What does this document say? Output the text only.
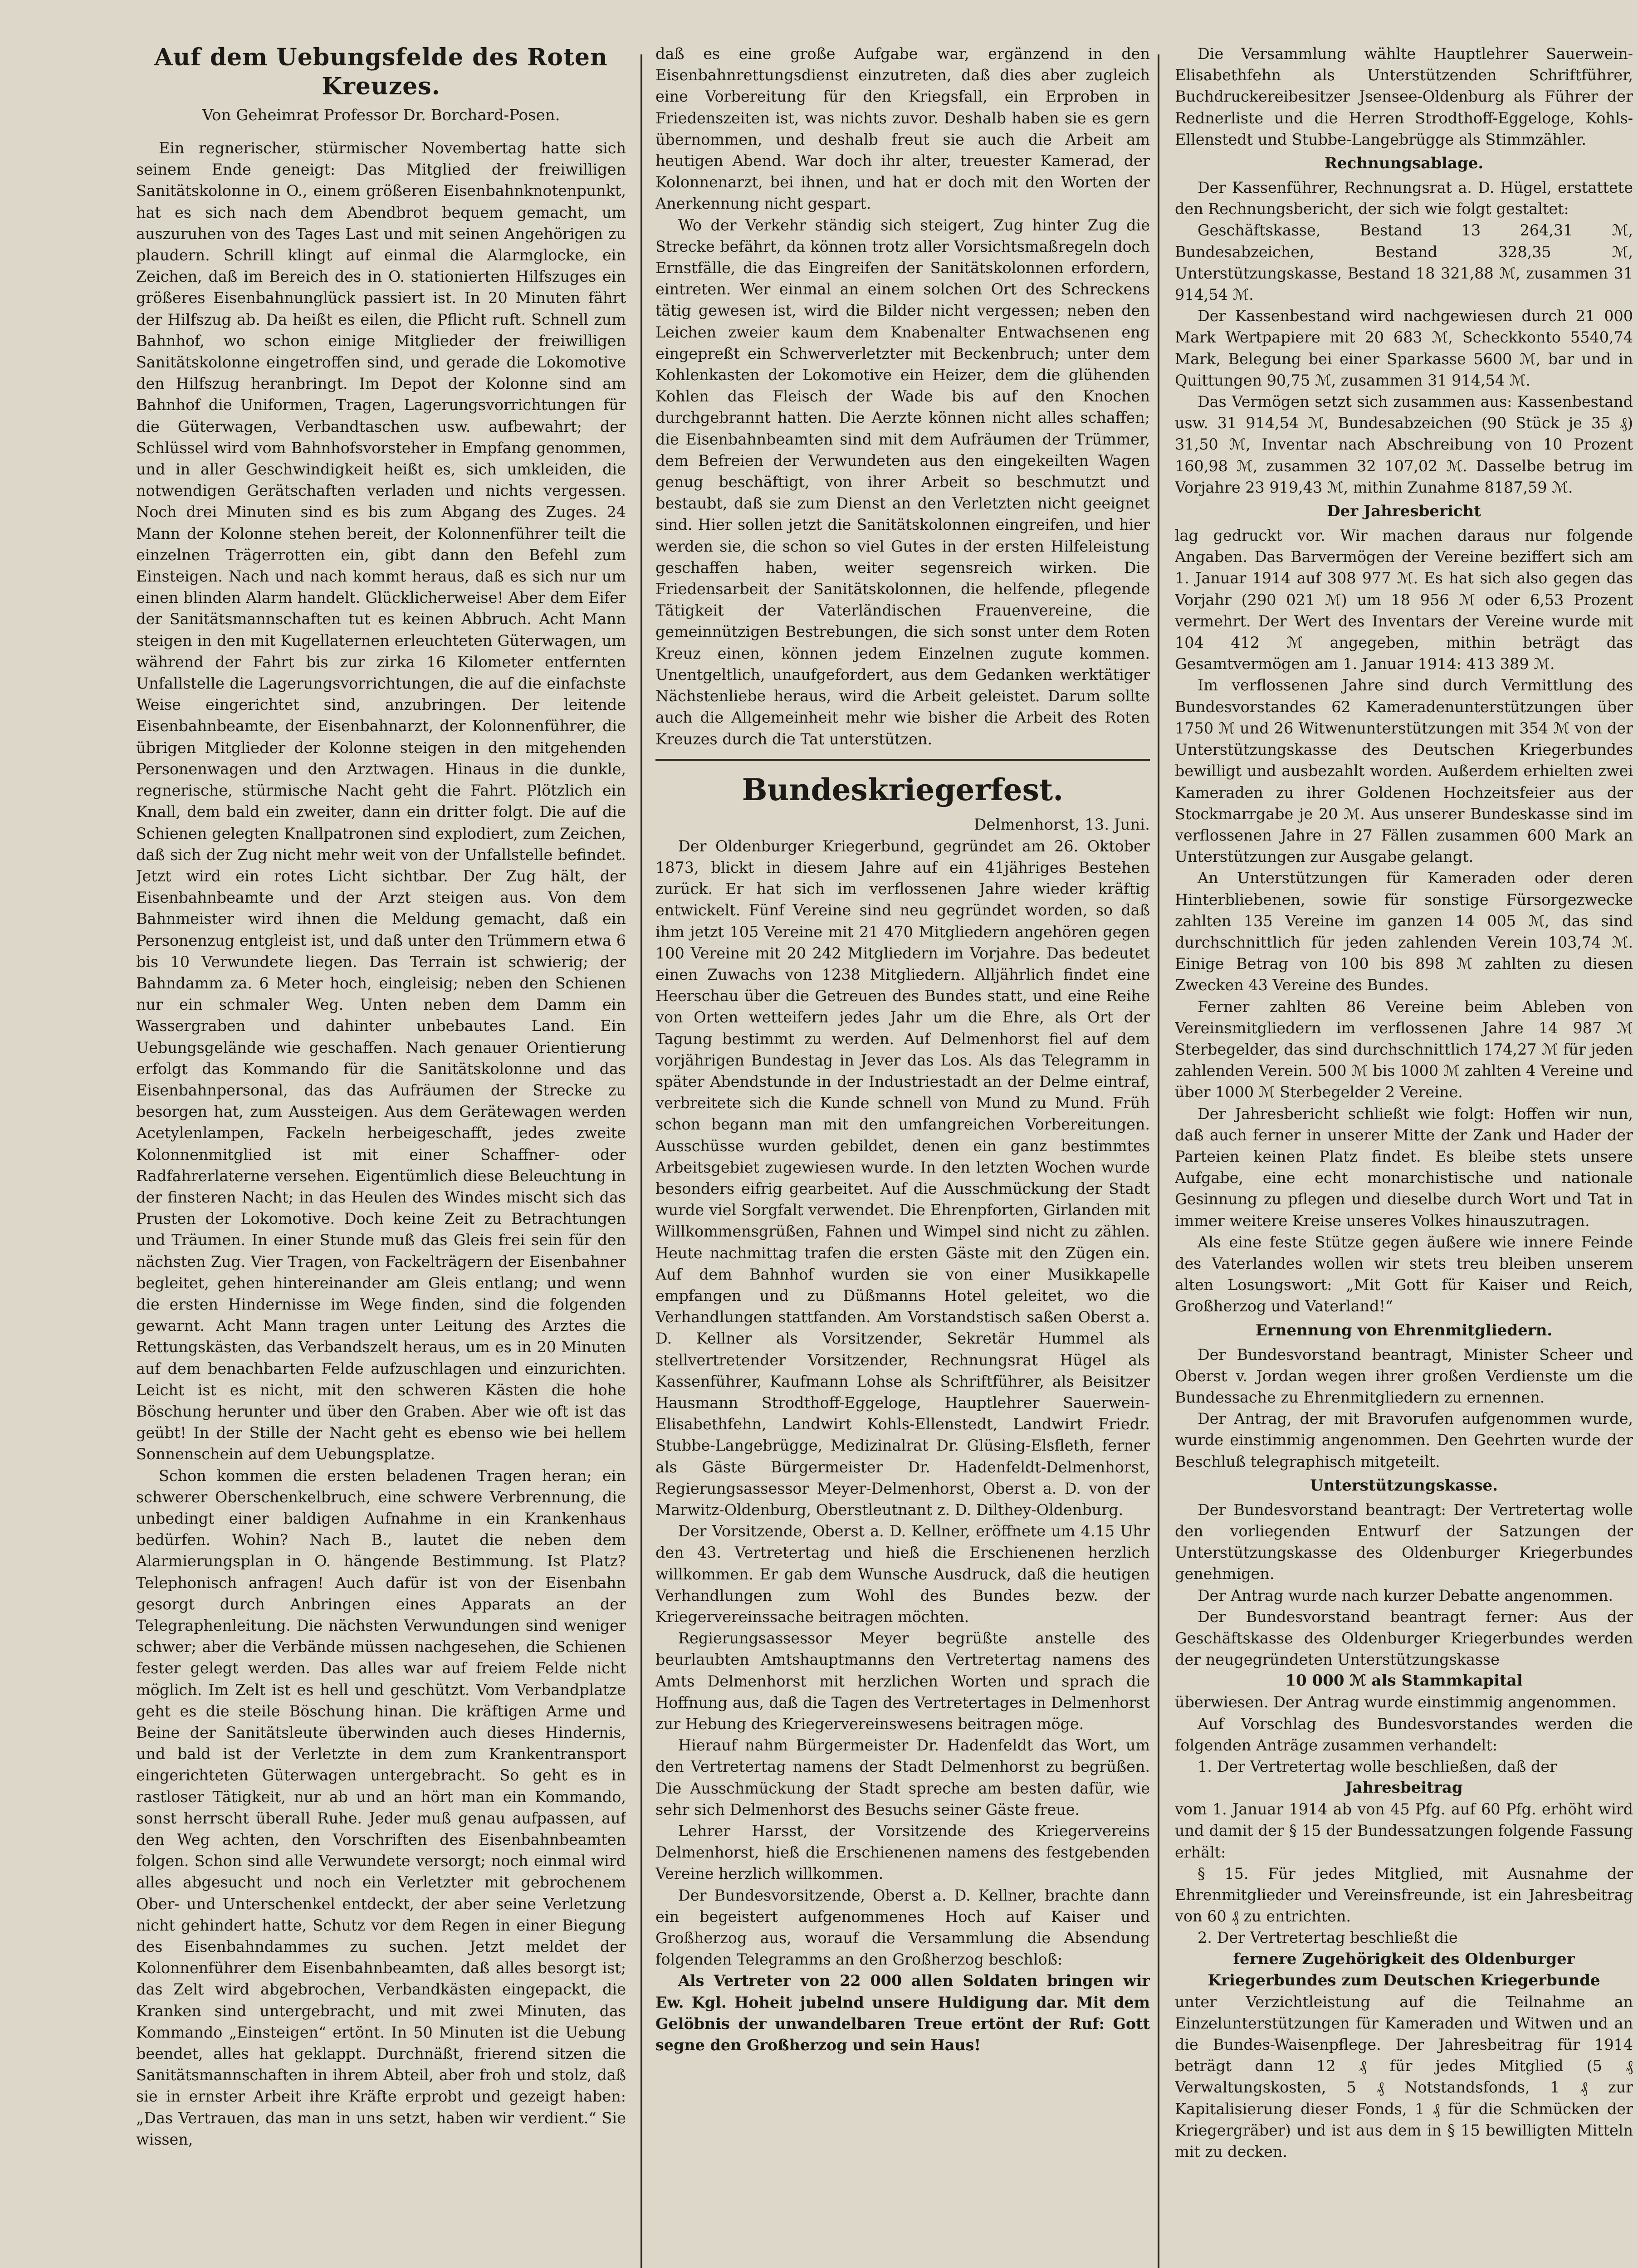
Auf dem Uebungsfelde des Roten Kreuzes.
Von Geheimrat Professor Dr. Borchard-Posen.

Ein regnerischer, stürmischer Novembertag hatte sich seinem Ende geneigt: Das Mitglied der freiwilligen Sanitätskolonne in O., einem größeren Eisenbahnknotenpunkt, hat es sich nach dem Abendbrot bequem gemacht, um auszuruhen von des Tages Last und mit seinen Angehörigen zu plaudern. Schrill klingt auf einmal die Alarmglocke, ein Zeichen, daß im Bereich des in O. stationierten Hilfszuges ein größeres Eisenbahnunglück passiert ist. In 20 Minuten fährt der Hilfszug ab. Da heißt es eilen, die Pflicht ruft. Schnell zum Bahnhof, wo schon einige Mitglieder der freiwilligen Sanitätskolonne eingetroffen sind, und gerade die Lokomotive den Hilfszug heranbringt. Im Depot der Kolonne sind am Bahnhof die Uniformen, Tragen, Lagerungsvorrichtungen für die Güterwagen, Verbandtaschen usw. aufbewahrt; der Schlüssel wird vom Bahnhofsvorsteher in Empfang genommen, und in aller Geschwindigkeit heißt es, sich umkleiden, die notwendigen Gerätschaften verladen und nichts vergessen. Noch drei Minuten sind es bis zum Abgang des Zuges. 24 Mann der Kolonne stehen bereit, der Kolonnenführer teilt die einzelnen Trägerrotten ein, gibt dann den Befehl zum Einsteigen. Nach und nach kommt heraus, daß es sich nur um einen blinden Alarm handelt. Glücklicherweise! Aber dem Eifer der Sanitätsmannschaften tut es keinen Abbruch. Acht Mann steigen in den mit Kugellaternen erleuchteten Güterwagen, um während der Fahrt bis zur zirka 16 Kilometer entfernten Unfallstelle die Lagerungsvorrichtungen, die auf die einfachste Weise eingerichtet sind, anzubringen. Der leitende Eisenbahnbeamte, der Eisenbahnarzt, der Kolonnenführer, die übrigen Mitglieder der Kolonne steigen in den mitgehenden Personenwagen und den Arztwagen. Hinaus in die dunkle, regnerische, stürmische Nacht geht die Fahrt. Plötzlich ein Knall, dem bald ein zweiter, dann ein dritter folgt. Die auf die Schienen gelegten Knallpatronen sind explodiert, zum Zeichen, daß sich der Zug nicht mehr weit von der Unfallstelle befindet. Jetzt wird ein rotes Licht sichtbar. Der Zug hält, der Eisenbahnbeamte und der Arzt steigen aus. Von dem Bahnmeister wird ihnen die Meldung gemacht, daß ein Personenzug entgleist ist, und daß unter den Trümmern etwa 6 bis 10 Verwundete liegen. Das Terrain ist schwierig; der Bahndamm za. 6 Meter hoch, eingleisig; neben den Schienen nur ein schmaler Weg. Unten neben dem Damm ein Wassergraben und dahinter unbebautes Land. Ein Uebungsgelände wie geschaffen. Nach genauer Orientierung erfolgt das Kommando für die Sanitätskolonne und das Eisenbahnpersonal, das das Aufräumen der Strecke zu besorgen hat, zum Aussteigen. Aus dem Gerätewagen werden Acetylenlampen, Fackeln herbeigeschafft, jedes zweite Kolonnenmitglied ist mit einer Schaffner- oder Radfahrerlaterne versehen. Eigentümlich diese Beleuchtung in der finsteren Nacht; in das Heulen des Windes mischt sich das Prusten der Lokomotive. Doch keine Zeit zu Betrachtungen und Träumen. In einer Stunde muß das Gleis frei sein für den nächsten Zug. Vier Tragen, von Fackelträgern der Eisenbahner begleitet, gehen hintereinander am Gleis entlang; und wenn die ersten Hindernisse im Wege finden, sind die folgenden gewarnt. Acht Mann tragen unter Leitung des Arztes die Rettungskästen, das Verbandszelt heraus, um es in 20 Minuten auf dem benachbarten Felde aufzuschlagen und einzurichten. Leicht ist es nicht, mit den schweren Kästen die hohe Böschung herunter und über den Graben. Aber wie oft ist das geübt! In der Stille der Nacht geht es ebenso wie bei hellem Sonnenschein auf dem Uebungsplatze.

Schon kommen die ersten beladenen Tragen heran; ein schwerer Oberschenkelbruch, eine schwere Verbrennung, die unbedingt einer baldigen Aufnahme in ein Krankenhaus bedürfen. Wohin? Nach B., lautet die neben dem Alarmierungsplan in O. hängende Bestimmung. Ist Platz? Telephonisch anfragen! Auch dafür ist von der Eisenbahn gesorgt durch Anbringen eines Apparats an der Telegraphenleitung. Die nächsten Verwundungen sind weniger schwer; aber die Verbände müssen nachgesehen, die Schienen fester gelegt werden. Das alles war auf freiem Felde nicht möglich. Im Zelt ist es hell und geschützt. Vom Verbandplatze geht es die steile Böschung hinan. Die kräftigen Arme und Beine der Sanitätsleute überwinden auch dieses Hindernis, und bald ist der Verletzte in dem zum Krankentransport eingerichteten Güterwagen untergebracht. So geht es in rastloser Tätigkeit, nur ab und an hört man ein Kommando, sonst herrscht überall Ruhe. Jeder muß genau aufpassen, auf den Weg achten, den Vorschriften des Eisenbahnbeamten folgen. Schon sind alle Verwundete versorgt; noch einmal wird alles abgesucht und noch ein Verletzter mit gebrochenem Ober- und Unterschenkel entdeckt, der aber seine Verletzung nicht gehindert hatte, Schutz vor dem Regen in einer Biegung des Eisenbahndammes zu suchen. Jetzt meldet der Kolonnenführer dem Eisenbahnbeamten, daß alles besorgt ist; das Zelt wird abgebrochen, Verbandkästen eingepackt, die Kranken sind untergebracht, und mit zwei Minuten, das Kommando „Einsteigen“ ertönt. In 50 Minuten ist die Uebung beendet, alles hat geklappt. Durchnäßt, frierend sitzen die Sanitätsmannschaften in ihrem Abteil, aber froh und stolz, daß sie in ernster Arbeit ihre Kräfte erprobt und gezeigt haben: „Das Vertrauen, das man in uns setzt, haben wir verdient.“ Sie wissen,

daß es eine große Aufgabe war, ergänzend in den Eisenbahnrettungsdienst einzutreten, daß dies aber zugleich eine Vorbereitung für den Kriegsfall, ein Erproben in Friedenszeiten ist, was nichts zuvor. Deshalb haben sie es gern übernommen, und deshalb freut sie auch die Arbeit am heutigen Abend. War doch ihr alter, treuester Kamerad, der Kolonnenarzt, bei ihnen, und hat er doch mit den Worten der Anerkennung nicht gespart.

Wo der Verkehr ständig sich steigert, Zug hinter Zug die Strecke befährt, da können trotz aller Vorsichtsmaßregeln doch Ernstfälle, die das Eingreifen der Sanitätskolonnen erfordern, eintreten. Wer einmal an einem solchen Ort des Schreckens tätig gewesen ist, wird die Bilder nicht vergessen; neben den Leichen zweier kaum dem Knabenalter Entwachsenen eng eingepreßt ein Schwerverletzter mit Beckenbruch; unter dem Kohlenkasten der Lokomotive ein Heizer, dem die glühenden Kohlen das Fleisch der Wade bis auf den Knochen durchgebrannt hatten. Die Aerzte können nicht alles schaffen; die Eisenbahnbeamten sind mit dem Aufräumen der Trümmer, dem Befreien der Verwundeten aus den eingekeilten Wagen genug beschäftigt, von ihrer Arbeit so beschmutzt und bestaubt, daß sie zum Dienst an den Verletzten nicht geeignet sind. Hier sollen jetzt die Sanitätskolonnen eingreifen, und hier werden sie, die schon so viel Gutes in der ersten Hilfeleistung geschaffen haben, weiter segensreich wirken. Die Friedensarbeit der Sanitätskolonnen, die helfende, pflegende Tätigkeit der Vaterländischen Frauenvereine, die gemeinnützigen Bestrebungen, die sich sonst unter dem Roten Kreuz einen, können jedem Einzelnen zugute kommen. Unentgeltlich, unaufgefordert, aus dem Gedanken werktätiger Nächstenliebe heraus, wird die Arbeit geleistet. Darum sollte auch die Allgemeinheit mehr wie bisher die Arbeit des Roten Kreuzes durch die Tat unterstützen.

Bundeskriegerfest.
Delmenhorst, 13. Juni.

Der Oldenburger Kriegerbund, gegründet am 26. Oktober 1873, blickt in diesem Jahre auf ein 41jähriges Bestehen zurück. Er hat sich im verflossenen Jahre wieder kräftig entwickelt. Fünf Vereine sind neu gegründet worden, so daß ihm jetzt 105 Vereine mit 21 470 Mitgliedern angehören gegen 100 Vereine mit 20 242 Mitgliedern im Vorjahre. Das bedeutet einen Zuwachs von 1238 Mitgliedern. Alljährlich findet eine Heerschau über die Getreuen des Bundes statt, und eine Reihe von Orten wetteifern jedes Jahr um die Ehre, als Ort der Tagung bestimmt zu werden. Auf Delmenhorst fiel auf dem vorjährigen Bundestag in Jever das Los. Als das Telegramm in später Abendstunde in der Industriestadt an der Delme eintraf, verbreitete sich die Kunde schnell von Mund zu Mund. Früh schon begann man mit den umfangreichen Vorbereitungen. Ausschüsse wurden gebildet, denen ein ganz bestimmtes Arbeitsgebiet zugewiesen wurde. In den letzten Wochen wurde besonders eifrig gearbeitet. Auf die Ausschmückung der Stadt wurde viel Sorgfalt verwendet. Die Ehrenpforten, Girlanden mit Willkommensgrüßen, Fahnen und Wimpel sind nicht zu zählen. Heute nachmittag trafen die ersten Gäste mit den Zügen ein. Auf dem Bahnhof wurden sie von einer Musikkapelle empfangen und zu Düßmanns Hotel geleitet, wo die Verhandlungen stattfanden. Am Vorstandstisch saßen Oberst a. D. Kellner als Vorsitzender, Sekretär Hummel als stellvertretender Vorsitzender, Rechnungsrat Hügel als Kassenführer, Kaufmann Lohse als Schriftführer, als Beisitzer Hausmann Strodthoff-Eggeloge, Hauptlehrer Sauerwein-Elisabethfehn, Landwirt Kohls-Ellenstedt, Landwirt Friedr. Stubbe-Langebrügge, Medizinalrat Dr. Glüsing-Elsfleth, ferner als Gäste Bürgermeister Dr. Hadenfeldt-Delmenhorst, Regierungsassessor Meyer-Delmenhorst, Oberst a. D. von der Marwitz-Oldenburg, Oberstleutnant z. D. Dilthey-Oldenburg.

Der Vorsitzende, Oberst a. D. Kellner, eröffnete um 4.15 Uhr den 43. Vertretertag und hieß die Erschienenen herzlich willkommen. Er gab dem Wunsche Ausdruck, daß die heutigen Verhandlungen zum Wohl des Bundes bezw. der Kriegervereinssache beitragen möchten.

Regierungsassessor Meyer begrüßte anstelle des beurlaubten Amtshauptmanns den Vertretertag namens des Amts Delmenhorst mit herzlichen Worten und sprach die Hoffnung aus, daß die Tagen des Vertretertages in Delmenhorst zur Hebung des Kriegervereinswesens beitragen möge.

Hierauf nahm Bürgermeister Dr. Hadenfeldt das Wort, um den Vertretertag namens der Stadt Delmenhorst zu begrüßen. Die Ausschmückung der Stadt spreche am besten dafür, wie sehr sich Delmenhorst des Besuchs seiner Gäste freue.

Lehrer Harsst, der Vorsitzende des Kriegervereins Delmenhorst, hieß die Erschienenen namens des festgebenden Vereine herzlich willkommen.

Der Bundesvorsitzende, Oberst a. D. Kellner, brachte dann ein begeistert aufgenommenes Hoch auf Kaiser und Großherzog aus, worauf die Versammlung die Absendung folgenden Telegramms an den Großherzog beschloß:

Als Vertreter von 22 000 allen Soldaten bringen wir Ew. Kgl. Hoheit jubelnd unsere Huldigung dar. Mit dem Gelöbnis der unwandelbaren Treue ertönt der Ruf: Gott segne den Großherzog und sein Haus!

Die Versammlung wählte Hauptlehrer Sauerwein-Elisabethfehn als Unterstützenden Schriftführer, Buchdruckereibesitzer Jsensee-Oldenburg als Führer der Rednerliste und die Herren Strodthoff-Eggeloge, Kohls-Ellenstedt und Stubbe-Langebrügge als Stimmzähler.

Rechnungsablage.

Der Kassenführer, Rechnungsrat a. D. Hügel, erstattete den Rechnungsbericht, der sich wie folgt gestaltet:

Geschäftskasse, Bestand 13 264,31 ℳ, Bundesabzeichen, Bestand 328,35 ℳ, Unterstützungskasse, Bestand 18 321,88 ℳ, zusammen 31 914,54 ℳ.

Der Kassenbestand wird nachgewiesen durch 21 000 Mark Wertpapiere mit 20 683 ℳ, Scheckkonto 5540,74 Mark, Belegung bei einer Sparkasse 5600 ℳ, bar und in Quittungen 90,75 ℳ, zusammen 31 914,54 ℳ.

Das Vermögen setzt sich zusammen aus: Kassenbestand usw. 31 914,54 ℳ, Bundesabzeichen (90 Stück je 35 ₰) 31,50 ℳ, Inventar nach Abschreibung von 10 Prozent 160,98 ℳ, zusammen 32 107,02 ℳ. Dasselbe betrug im Vorjahre 23 919,43 ℳ, mithin Zunahme 8187,59 ℳ.

Der Jahresbericht

lag gedruckt vor. Wir machen daraus nur folgende Angaben. Das Barvermögen der Vereine beziffert sich am 1. Januar 1914 auf 308 977 ℳ. Es hat sich also gegen das Vorjahr (290 021 ℳ) um 18 956 ℳ oder 6,53 Prozent vermehrt. Der Wert des Inventars der Vereine wurde mit 104 412 ℳ angegeben, mithin beträgt das Gesamtvermögen am 1. Januar 1914: 413 389 ℳ.

Im verflossenen Jahre sind durch Vermittlung des Bundesvorstandes 62 Kameradenunterstützungen über 1750 ℳ und 26 Witwenunterstützungen mit 354 ℳ von der Unterstützungskasse des Deutschen Kriegerbundes bewilligt und ausbezahlt worden. Außerdem erhielten zwei Kameraden zu ihrer Goldenen Hochzeitsfeier aus der Stockmarrgabe je 20 ℳ. Aus unserer Bundeskasse sind im verflossenen Jahre in 27 Fällen zusammen 600 Mark an Unterstützungen zur Ausgabe gelangt.

An Unterstützungen für Kameraden oder deren Hinterbliebenen, sowie für sonstige Fürsorgezwecke zahlten 135 Vereine im ganzen 14 005 ℳ, das sind durchschnittlich für jeden zahlenden Verein 103,74 ℳ. Einige Betrag von 100 bis 898 ℳ zahlten zu diesen Zwecken 43 Vereine des Bundes.

Ferner zahlten 86 Vereine beim Ableben von Vereinsmitgliedern im verflossenen Jahre 14 987 ℳ Sterbegelder, das sind durchschnittlich 174,27 ℳ für jeden zahlenden Verein. 500 ℳ bis 1000 ℳ zahlten 4 Vereine und über 1000 ℳ Sterbegelder 2 Vereine.

Der Jahresbericht schließt wie folgt: Hoffen wir nun, daß auch ferner in unserer Mitte der Zank und Hader der Parteien keinen Platz findet. Es bleibe stets unsere Aufgabe, eine echt monarchistische und nationale Gesinnung zu pflegen und dieselbe durch Wort und Tat in immer weitere Kreise unseres Volkes hinauszutragen.

Als eine feste Stütze gegen äußere wie innere Feinde des Vaterlandes wollen wir stets treu bleiben unserem alten Losungswort: „Mit Gott für Kaiser und Reich, Großherzog und Vaterland!“

Ernennung von Ehrenmitgliedern.

Der Bundesvorstand beantragt, Minister Scheer und Oberst v. Jordan wegen ihrer großen Verdienste um die Bundessache zu Ehrenmitgliedern zu ernennen.

Der Antrag, der mit Bravorufen aufgenommen wurde, wurde einstimmig angenommen. Den Geehrten wurde der Beschluß telegraphisch mitgeteilt.

Unterstützungskasse.

Der Bundesvorstand beantragt: Der Vertretertag wolle den vorliegenden Entwurf der Satzungen der Unterstützungskasse des Oldenburger Kriegerbundes genehmigen.

Der Antrag wurde nach kurzer Debatte angenommen.

Der Bundesvorstand beantragt ferner: Aus der Geschäftskasse des Oldenburger Kriegerbundes werden der neugegründeten Unterstützungskasse

10 000 ℳ als Stammkapital

überwiesen. Der Antrag wurde einstimmig angenommen.

Auf Vorschlag des Bundesvorstandes werden die folgenden Anträge zusammen verhandelt:

1. Der Vertretertag wolle beschließen, daß der

Jahresbeitrag

vom 1. Januar 1914 ab von 45 Pfg. auf 60 Pfg. erhöht wird und damit der § 15 der Bundessatzungen folgende Fassung erhält:

§ 15. Für jedes Mitglied, mit Ausnahme der Ehrenmitglieder und Vereinsfreunde, ist ein Jahresbeitrag von 60 ₰ zu entrichten.

2. Der Vertretertag beschließt die

fernere Zugehörigkeit des Oldenburger Kriegerbundes zum Deutschen Kriegerbunde

unter Verzichtleistung auf die Teilnahme an Einzelunterstützungen für Kameraden und Witwen und an die Bundes-Waisenpflege. Der Jahresbeitrag für 1914 beträgt dann 12 ₰ für jedes Mitglied (5 ₰ Verwaltungskosten, 5 ₰ Notstandsfonds, 1 ₰ zur Kapitalisierung dieser Fonds, 1 ₰ für die Schmücken der Kriegergräber) und ist aus dem in § 15 bewilligten Mitteln mit zu decken.
